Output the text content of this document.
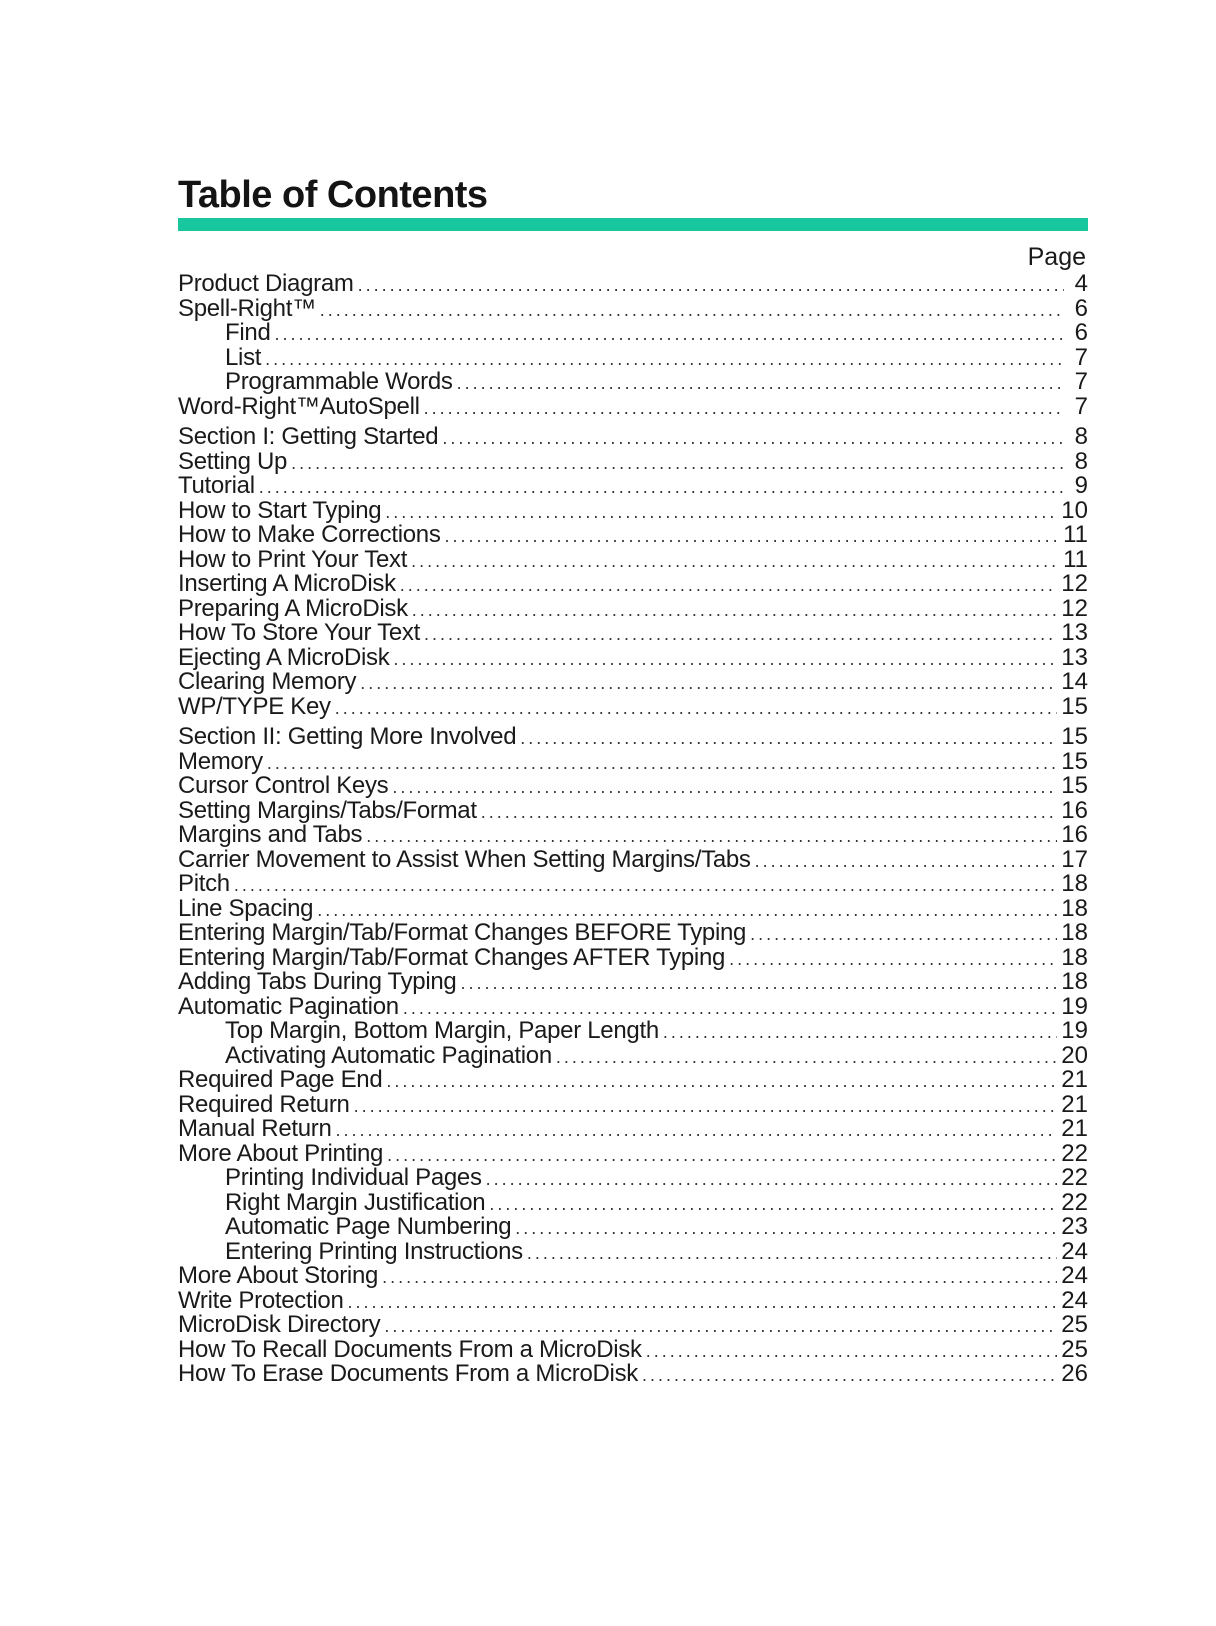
Table of Contents
Page
Product Diagram .....	4
Spell-Right™ .....	6
Find .....	6
List .....	7
Programmable Words .....	7
Word-Right™AutoSpell .....	7
Section I: Getting Started .....	8
Setting Up .....	8
Tutorial .....	9
How to Start Typing .....	10
How to Make Corrections .....	11
How to Print Your Text .....	11
Inserting A MicroDisk .....	12
Preparing A MicroDisk .....	12
How To Store Your Text .....	13
Ejecting A MicroDisk .....	13
Clearing Memory .....	14
WP/TYPE Key .....	15
Section II: Getting More Involved .....	15
Memory .....	15
Cursor Control Keys .....	15
Setting Margins/Tabs/Format .....	16
Margins and Tabs .....	16
Carrier Movement to Assist When Setting Margins/Tabs .....	17
Pitch .....	18
Line Spacing .....	18
Entering Margin/Tab/Format Changes BEFORE Typing .....	18
Entering Margin/Tab/Format Changes AFTER Typing .....	18
Adding Tabs During Typing .....	18
Automatic Pagination .....	19
Top Margin, Bottom Margin, Paper Length .....	19
Activating Automatic Pagination .....	20
Required Page End .....	21
Required Return .....	21
Manual Return .....	21
More About Printing .....	22
Printing Individual Pages .....	22
Right Margin Justification .....	22
Automatic Page Numbering .....	23
Entering Printing Instructions .....	24
More About Storing .....	24
Write Protection .....	24
MicroDisk Directory .....	25
How To Recall Documents From a MicroDisk .....	25
How To Erase Documents From a MicroDisk .....	26
